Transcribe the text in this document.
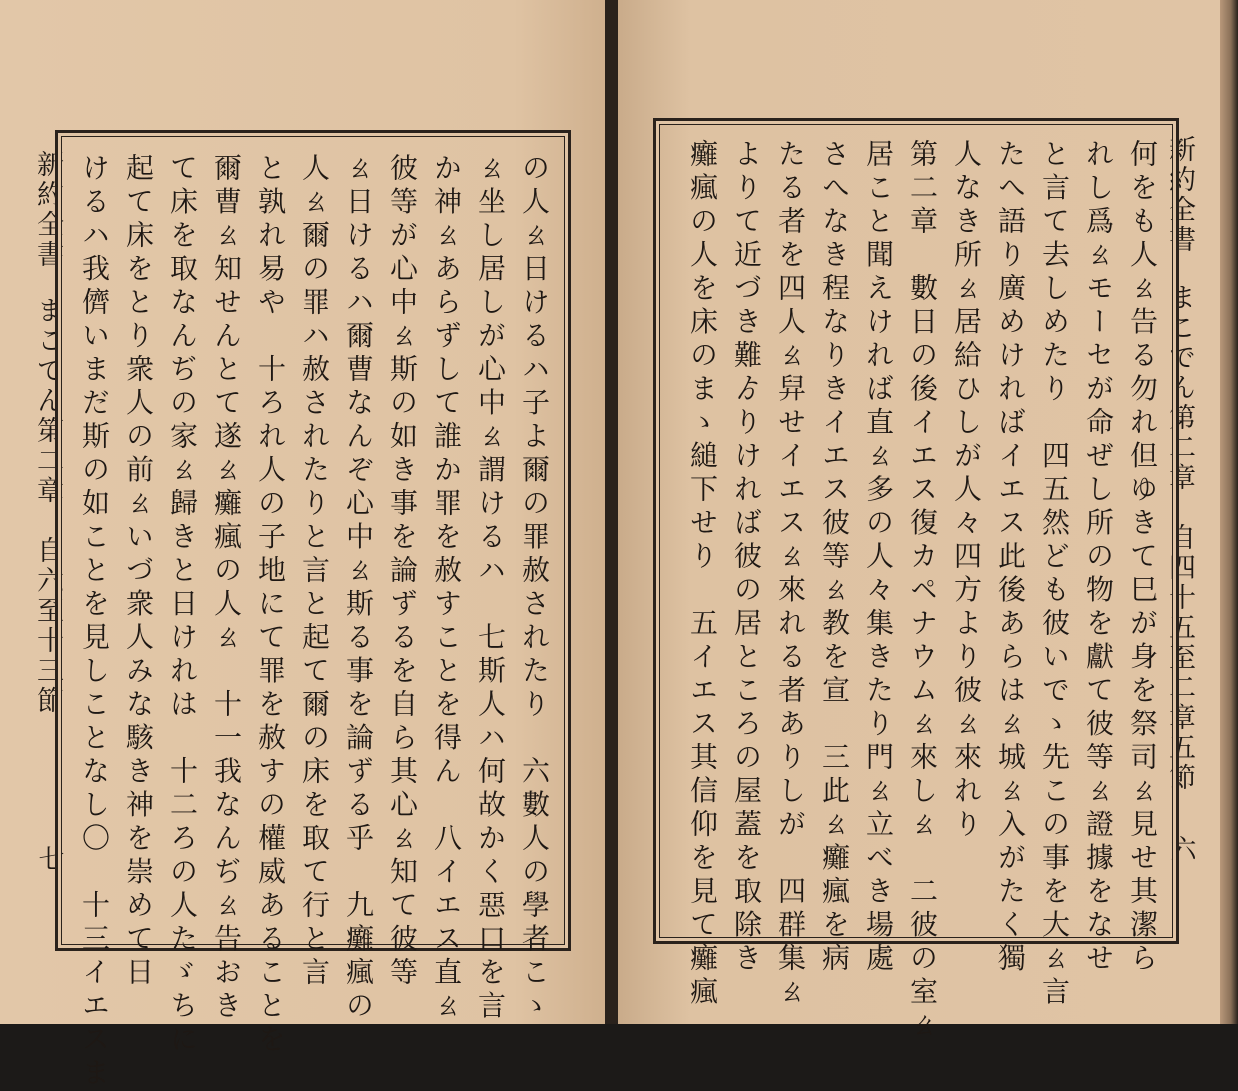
新約全書
まこでん第二章　自六至十三節
七	の人ㄠ日けるハ子よ爾の罪赦されたり　六數人の學者こゝ
ㄠ坐し居しが心中ㄠ謂けるハ　七斯人ハ何故かく惡口を言
か神ㄠあらずして誰か罪を赦すことを得ん　八イエス直ㄠ
彼等が心中ㄠ斯の如き事を論ずるを自ら其心ㄠ知て彼等
ㄠ日けるハ爾曹なんぞ心中ㄠ斯る事を論ずる乎　九癱瘋の
人ㄠ爾の罪ハ赦されたりと言と起て爾の床を取て行と言
と孰れ易や　十ろれ人の子地にて罪を赦すの權威あることを
爾曹ㄠ知せんとて遂ㄠ癱瘋の人ㄠ　十一我なんぢㄠ告おき
て床を取なんぢの家ㄠ歸きと日けれは　十二ろの人たゞちに
起て床をとり衆人の前ㄠいづ衆人みな駭き神を崇めて日
けるハ我儕いまだ斯の如ことを見しことなし〇　十三イエスま	新約全書
まこでん第二章　自四十五至二章五節
六
何をも人ㄠ告る勿れ但ゆきて巳が身を祭司ㄠ見せ其潔ら
れし爲ㄠモーセが命ぜし所の物を獻て彼等ㄠ證據をなせ
と言て去しめたり　四五然ども彼いでゝ先この事を大ㄠ言
たへ語り廣めければイエス此後あらはㄠ城ㄠ入がたく獨
人なき所ㄠ居給ひしが人々四方より彼ㄠ來れり
第二章　數日の後イエス復カペナウムㄠ來しㄠ　二彼の室ㄠ
居こと聞えければ直ㄠ多の人々集きたり門ㄠ立べき場處
さへなき程なりきイエス彼等ㄠ教を宣　三此ㄠ癱瘋を病
たる者を四人ㄠ舁せイエスㄠ來れる者ありしが　四群集ㄠ
よりて近づき難ゟりければ彼の居ところの屋蓋を取除き
癱瘋の人を床のまゝ縋下せり　五イエス其信仰を見て癱瘋
